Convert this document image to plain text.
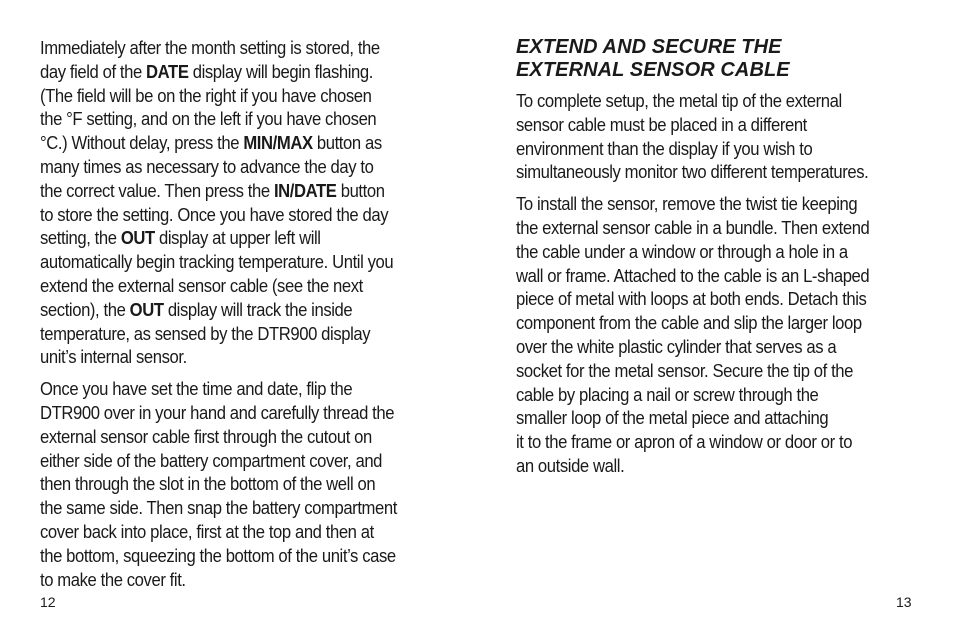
Immediately after the month setting is stored, the
day field of the DATE display will begin flashing.
(The field will be on the right if you have chosen
the °F setting, and on the left if you have chosen
°C.) Without delay, press the MIN/MAX button as
many times as necessary to advance the day to
the correct value. Then press the IN/DATE button
to store the setting. Once you have stored the day
setting, the OUT display at upper left will
automatically begin tracking temperature. Until you
extend the external sensor cable (see the next
section), the OUT display will track the inside
temperature, as sensed by the DTR900 display
unit’s internal sensor.

Once you have set the time and date, flip the
DTR900 over in your hand and carefully thread the
external sensor cable first through the cutout on
either side of the battery compartment cover, and
then through the slot in the bottom of the well on
the same side. Then snap the battery compartment
cover back into place, first at the top and then at
the bottom, squeezing the bottom of the unit’s case
to make the cover fit.

EXTEND AND SECURE THE
EXTERNAL SENSOR CABLE

To complete setup, the metal tip of the external
sensor cable must be placed in a different
environment than the display if you wish to
simultaneously monitor two different temperatures.

To install the sensor, remove the twist tie keeping
the external sensor cable in a bundle. Then extend
the cable under a window or through a hole in a
wall or frame. Attached to the cable is an L-shaped
piece of metal with loops at both ends. Detach this
component from the cable and slip the larger loop
over the white plastic cylinder that serves as a
socket for the metal sensor. Secure the tip of the
cable by placing a nail or screw through the
smaller loop of the metal piece and attaching
it to the frame or apron of a window or door or to
an outside wall.

12	13
